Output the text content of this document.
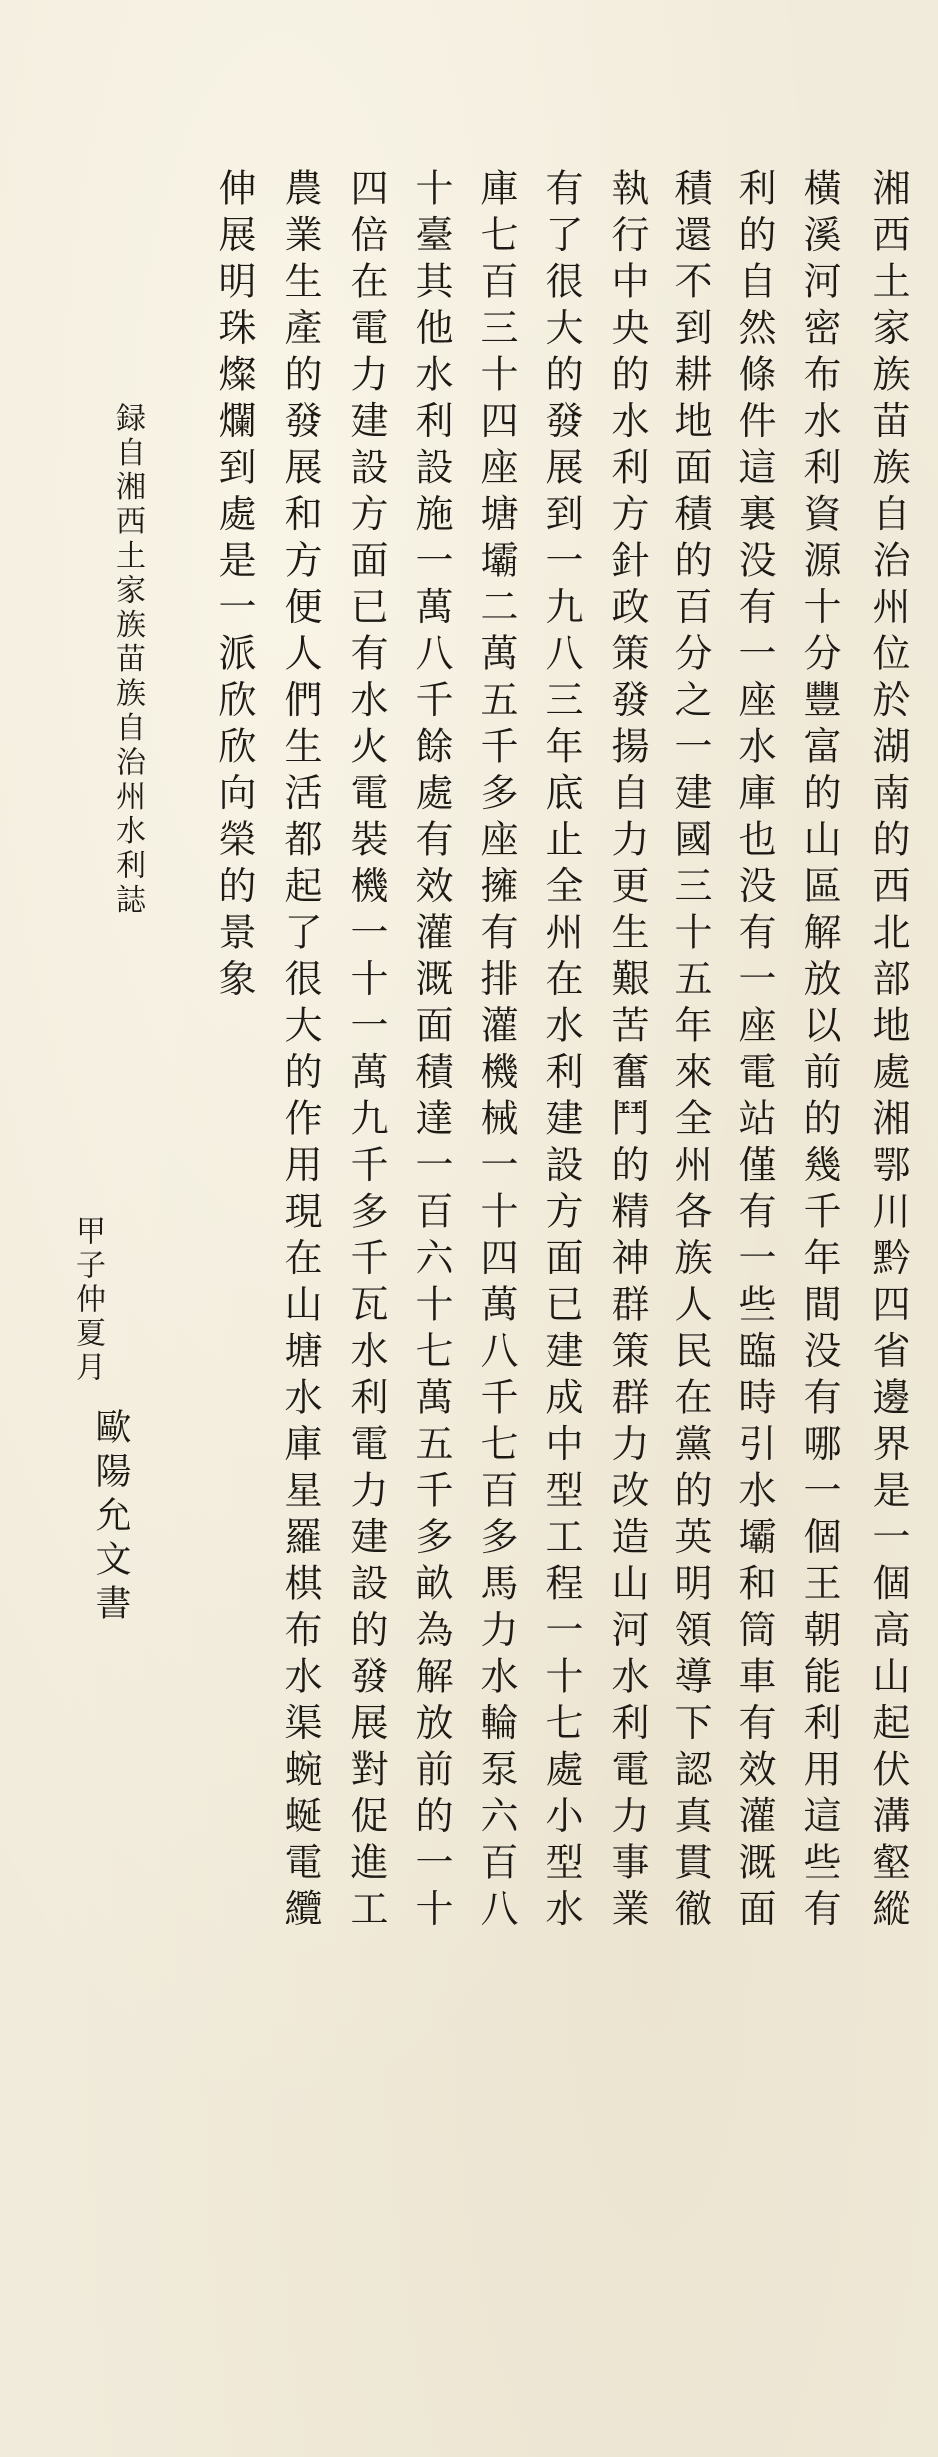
湘西土家族苗族自治州位於湖南的西北部地處湘鄂川黔四省邊界是一個高山起伏溝壑縱
橫溪河密布水利資源十分豐富的山區解放以前的幾千年間没有哪一個王朝能利用這些有
利的自然條件這裏没有一座水庫也没有一座電站僅有一些臨時引水壩和筒車有效灌溉面
積還不到耕地面積的百分之一建國三十五年來全州各族人民在黨的英明領導下認真貫徹
執行中央的水利方針政策發揚自力更生艱苦奮鬥的精神群策群力改造山河水利電力事業
有了很大的發展到一九八三年底止全州在水利建設方面已建成中型工程一十七處小型水
庫七百三十四座塘壩二萬五千多座擁有排灌機械一十四萬八千七百多馬力水輪泵六百八
十臺其他水利設施一萬八千餘處有效灌溉面積達一百六十七萬五千多畝為解放前的一十
四倍在電力建設方面已有水火電裝機一十一萬九千多千瓦水利電力建設的發展對促進工
農業生產的發展和方便人們生活都起了很大的作用現在山塘水庫星羅棋布水渠蜿蜒電纜
伸展明珠燦爛到處是一派欣欣向榮的景象
録自湘西土家族苗族自治州水利誌
甲子仲夏月
歐陽允文書
